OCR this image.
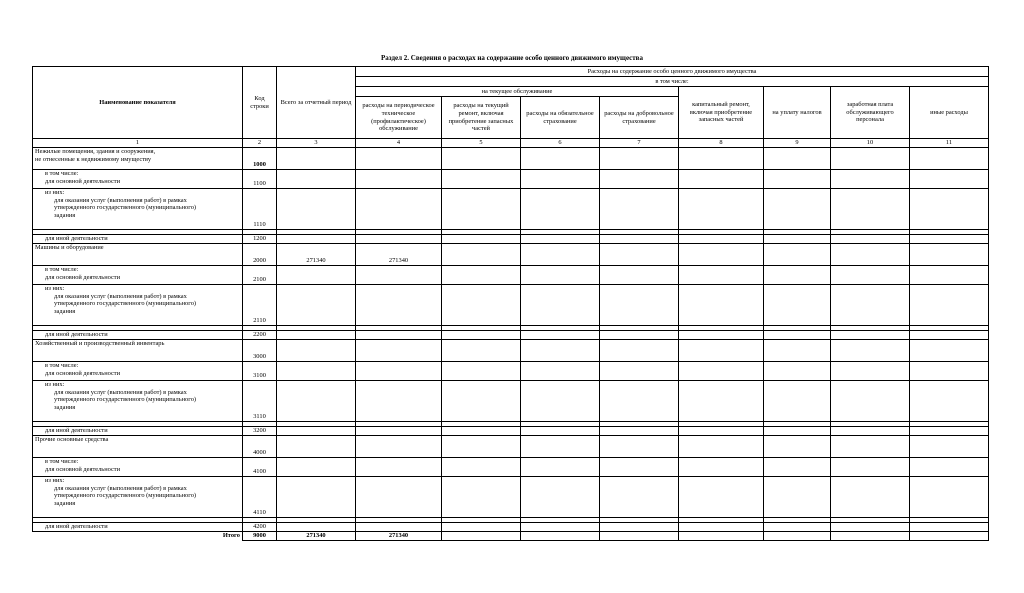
Раздел 2. Сведения о расходах на содержание особо ценного движимого имущества
Наименование показателя	Код строки	Всего за отчетный период	Расходы на содержание особо ценного движимого имущества							
			в том числе:							
			на текущее обслуживание				капитальный ремонт, включая приобретение запасных частей	на уплату налогов	заработная плата обслуживающего персонала	иные расходы
			расходы на периодическое техническое (профилактическое) обслуживание	расходы на текущий ремонт, включая приобретение запасных частей	расходы на обязательное страхование	расходы на добровольное страхование				

1	2	3	4	5	6	7	8	9	10	11

Нежилые помещения, здания и сооружения,
не отнесенные к недвижимому имуществу	1000									

в том числе:
для основной деятельности	1100									

из них:
для оказания услуг (выполнения работ) в рамках
утвержденного государственного (муниципального)
задания	1110									

для иной деятельности	1200									

Машины и оборудование	2000	271340	271340							

в том числе:
для основной деятельности	2100									

из них:
для оказания услуг (выполнения работ) в рамках
утвержденного государственного (муниципального)
задания	2110									

для иной деятельности	2200									

Хозяйственный и производственный инвентарь	3000									

в том числе:
для основной деятельности	3100									

из них:
для оказания услуг (выполнения работ) в рамках
утвержденного государственного (муниципального)
задания	3110									

для иной деятельности	3200									

Прочие основные средства	4000									

в том числе:
для основной деятельности	4100									

из них:
для оказания услуг (выполнения работ) в рамках
утвержденного государственного (муниципального)
задания	4110									

для иной деятельности	4200									
Итого	9000	271340	271340							
